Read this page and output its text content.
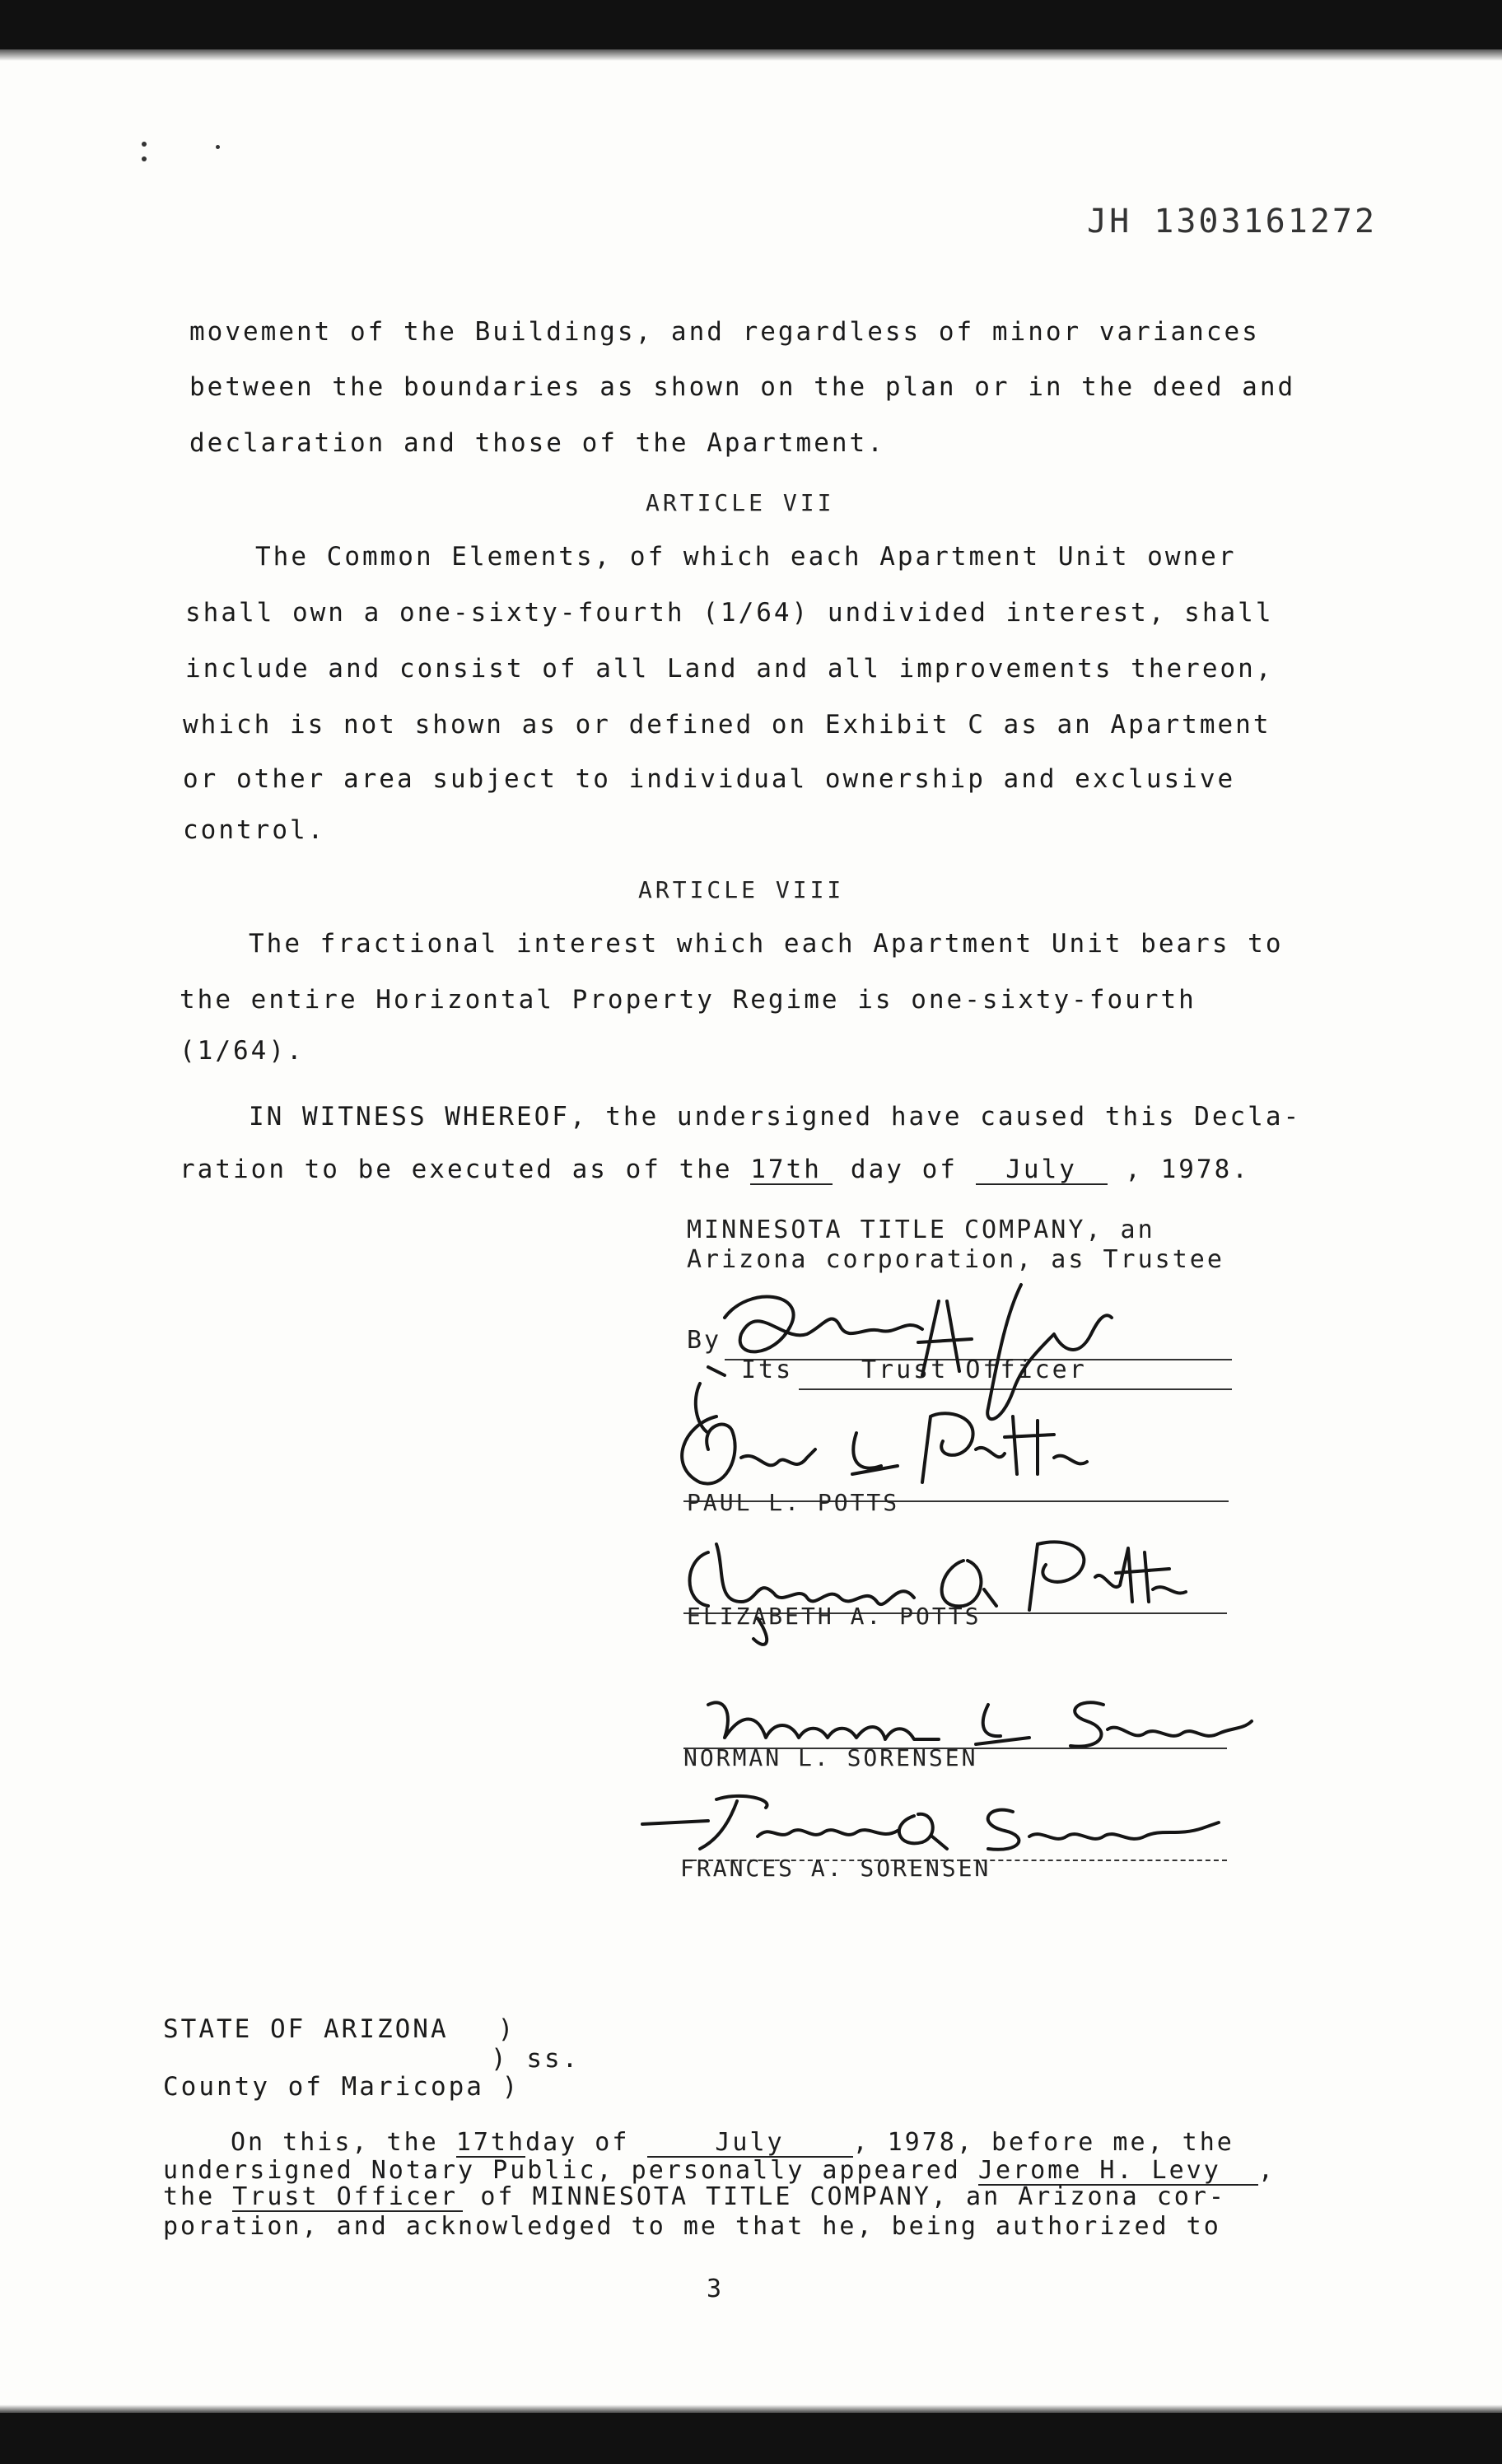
JH 1303161272
movement of the Buildings, and regardless of minor variances
between the boundaries as shown on the plan or in the deed and
declaration and those of the Apartment.
ARTICLE VII
The Common Elements, of which each Apartment Unit owner
shall own a one-sixty-fourth (1/64) undivided interest, shall
include and consist of all Land and all improvements thereon,
which is not shown as or defined on Exhibit C as an Apartment
or other area subject to individual ownership and exclusive
control.
ARTICLE VIII
The fractional interest which each Apartment Unit bears to
the entire Horizontal Property Regime is one-sixty-fourth
(1/64).
IN WITNESS WHEREOF, the undersigned have caused this Decla-
ration to be executed as of the 17th day of July , 1978.
MINNESOTA TITLE COMPANY, an
Arizona corporation, as Trustee
By
Its	Trust Officer
PAUL L. POTTS
ELIZABETH A. POTTS
NORMAN L. SORENSEN
FRANCES A. SORENSEN
STATE OF ARIZONA )
) ss.
County of Maricopa )
On this, the 17thday of	July	, 1978, before me, the
undersigned Notary Public, personally appeared Jerome H. Levy ,
the Trust Officer of MINNESOTA TITLE COMPANY, an Arizona cor-
poration, and acknowledged to me that he, being authorized to
3
